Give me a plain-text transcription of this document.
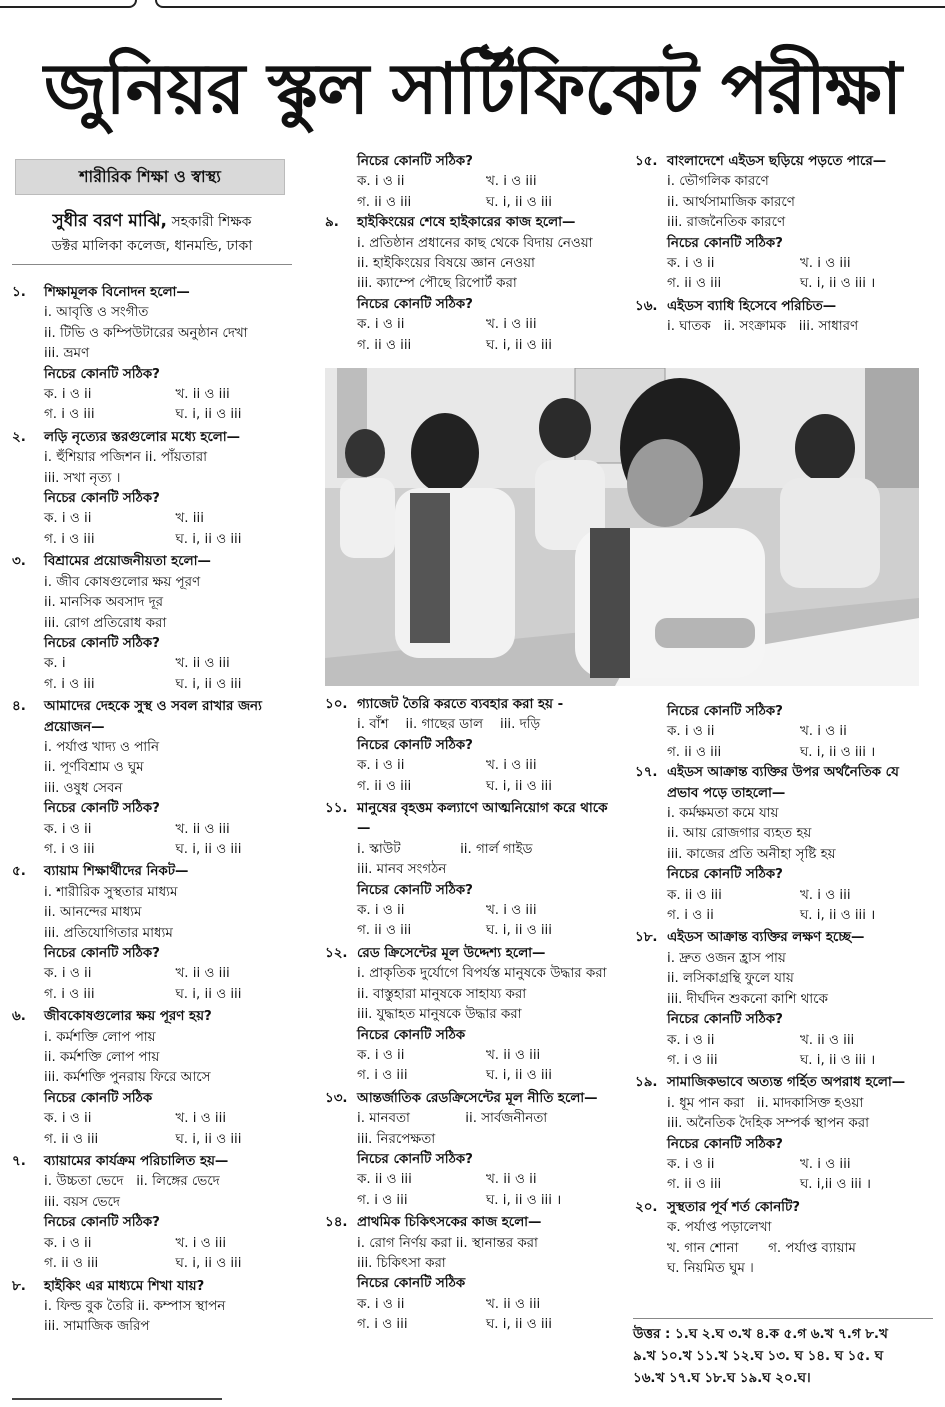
জুনিয়র স্কুল সার্টিফিকেট পরীক্ষা
শারীরিক শিক্ষা ও স্বাস্থ্য
সুধীর বরণ মাঝি, সহকারী শিক্ষক
ডক্টর মালিকা কলেজ, ধানমন্ডি, ঢাকা
১.	শিক্ষামূলক বিনোদন হলো—
i. আবৃত্তি ও সংগীত
ii. টিভি ও কম্পিউটারের অনুষ্ঠান দেখা
iii. ভ্রমণ
নিচের কোনটি সঠিক?
ক. i ও ii	খ. ii ও iii
গ. i ও iii	ঘ. i, ii ও iii
২.	লড়ি নৃত্যের স্তরগুলোর মধ্যে হলো—
i. হুঁশিয়ার পজিশন ii. পাঁয়তারা
iii. সখা নৃত্য ।
নিচের কোনটি সঠিক?
ক. i ও ii	খ. iii
গ. i ও iii	ঘ. i, ii ও iii
৩.	বিশ্রামের প্রয়োজনীয়তা হলো—
i. জীব কোষগুলোর ক্ষয় পূরণ
ii. মানসিক অবসাদ দূর
iii. রোগ প্রতিরোধ করা
নিচের কোনটি সঠিক?
ক. i	খ. ii ও iii
গ. i ও iii	ঘ. i, ii ও iii
৪.	আমাদের দেহকে সুস্থ ও সবল রাখার জন্য প্রয়োজন—
i. পর্যাপ্ত খাদ্য ও পানি
ii. পূর্ণবিশ্রাম ও ঘুম
iii. ওষুধ সেবন
নিচের কোনটি সঠিক?
ক. i ও ii	খ. ii ও iii
গ. i ও iii	ঘ. i, ii ও iii
৫.	ব্যায়াম শিক্ষার্থীদের নিকট—
i. শারীরিক সুস্থতার মাধ্যম
ii. আনন্দের মাধ্যম
iii. প্রতিযোগিতার মাধ্যম
নিচের কোনটি সঠিক?
ক. i ও ii	খ. ii ও iii
গ. i ও iii	ঘ. i, ii ও iii
৬.	জীবকোষগুলোর ক্ষয় পূরণ হয়?
i. কর্মশক্তি লোপ পায়
ii. কর্মশক্তি লোপ পায়
iii. কর্মশক্তি পুনরায় ফিরে আসে
নিচের কোনটি সঠিক
ক. i ও ii	খ. i ও iii
গ. ii ও iii	ঘ. i, ii ও iii
৭.	ব্যায়ামের কার্যক্রম পরিচালিত হয়—
i. উচ্চতা ভেদে   ii. লিঙ্গের ভেদে
iii. বয়স ভেদে
নিচের কোনটি সঠিক?
ক. i ও ii	খ. i ও iii
গ. ii ও iii	ঘ. i, ii ও iii
৮.	হাইকিং এর মাধ্যমে শিখা যায়?
i. ফিল্ড বুক তৈরি ii. কম্পাস স্থাপন
iii. সামাজিক জরিপ
নিচের কোনটি সঠিক?
ক. i ও ii	খ. i ও iii
গ. ii ও iii	ঘ. i, ii ও iii
৯.	হাইকিংয়ের শেষে হাইকারের কাজ হলো—
i. প্রতিষ্ঠান প্রধানের কাছ থেকে বিদায় নেওয়া
ii. হাইকিংয়ের বিষয়ে জ্ঞান নেওয়া
iii. ক্যাম্পে পৌছে রিপোর্ট করা
নিচের কোনটি সঠিক?
ক. i ও ii	খ. i ও iii
গ. ii ও iii	ঘ. i, ii ও iii
১০. গ্যাজেট তৈরি করতে ব্যবহার করা হয় -
i. বাঁশ    ii. গাছের ডাল    iii. দড়ি
নিচের কোনটি সঠিক?
ক. i ও ii	খ. i ও iii
গ. ii ও iii	ঘ. i, ii ও iii
১১. মানুষের বৃহত্তম কল্যাণে আত্মনিয়োগ করে থাকে—
i. স্কাউট              ii. গার্ল গাইড
iii. মানব সংগঠন
নিচের কোনটি সঠিক?
ক. i ও ii	খ. i ও iii
গ. ii ও iii	ঘ. i, ii ও iii
১২. রেড ক্রিসেন্টের মূল উদ্দেশ্য হলো—
i. প্রাকৃতিক দুর্যোগে বিপর্যস্ত মানুষকে উদ্ধার করা
ii. বাস্তুহারা মানুষকে সাহায্য করা
iii. যুদ্ধাহত মানুষকে উদ্ধার করা
নিচের কোনটি সঠিক
ক. i ও ii	খ. ii ও iii
গ. i ও iii	ঘ. i, ii ও iii
১৩. আন্তর্জাতিক রেডক্রিসেন্টের মূল নীতি হলো—
i. মানবতা             ii. সার্বজনীনতা
iii. নিরপেক্ষতা
নিচের কোনটি সঠিক?
ক. ii ও iii	খ. ii ও ii
গ. i ও iii	ঘ. i, ii ও iii ।
১৪. প্রাথমিক চিকিৎসকের কাজ হলো—
i. রোগ নির্ণয় করা ii. স্থানান্তর করা
iii. চিকিৎসা করা
নিচের কোনটি সঠিক
ক. i ও ii	খ. ii ও iii
গ. i ও iii	ঘ. i, ii ও iii
১৫. বাংলাদেশে এইডস ছড়িয়ে পড়তে পারে—
i. ভৌগলিক কারণে
ii. আর্থসামাজিক কারণে
iii. রাজনৈতিক কারণে
নিচের কোনটি সঠিক?
ক. i ও ii	খ. i ও iii
গ. ii ও iii	ঘ. i, ii ও iii ।
১৬. এইডস ব্যাধি হিসেবে পরিচিত—
i. ঘাতক   ii. সংক্রামক   iii. সাধারণ
নিচের কোনটি সঠিক?
ক. i ও ii	খ. i ও ii
গ. ii ও iii	ঘ. i, ii ও iii ।
১৭. এইডস আক্রান্ত ব্যক্তির উপর অর্থনৈতিক যে প্রভাব পড়ে তাহলো—
i. কর্মক্ষমতা কমে যায়
ii. আয় রোজগার ব্যহত হয়
iii. কাজের প্রতি অনীহা সৃষ্টি হয়
নিচের কোনটি সঠিক?
ক. ii ও iii	খ. i ও iii
গ. i ও ii	ঘ. i, ii ও iii ।
১৮. এইডস আক্রান্ত ব্যক্তির লক্ষণ হচ্ছে—
i. দ্রুত ওজন হ্রাস পায়
ii. লসিকাগ্রন্থি ফুলে যায়
iii. দীর্ঘদিন শুকনো কাশি থাকে
নিচের কোনটি সঠিক?
ক. i ও ii	খ. ii ও iii
গ. i ও iii	ঘ. i, ii ও iii ।
১৯. সামাজিকভাবে অত্যন্ত গর্হিত অপরাধ হলো—
i. ধূম পান করা   ii. মাদকাসিক্ত হওয়া
iii. অনৈতিক দৈহিক সম্পর্ক স্থাপন করা
নিচের কোনটি সঠিক?
ক. i ও ii	খ. i ও iii
গ. ii ও iii	ঘ. i,ii ও iii ।
২০. সুস্থতার পূর্ব শর্ত কোনটি?
ক. পর্যাপ্ত পড়ালেখা
খ. গান শোনা       গ. পর্যাপ্ত ব্যায়াম
ঘ. নিয়মিত ঘুম ।
উত্তর : ১.ঘ ২.ঘ ৩.খ ৪.ক ৫.গ ৬.খ ৭.গ ৮.খ
৯.খ ১০.খ ১১.খ ১২.ঘ ১৩. ঘ ১৪. ঘ ১৫. ঘ
১৬.খ ১৭.ঘ ১৮.ঘ ১৯.ঘ ২০.ঘ।
